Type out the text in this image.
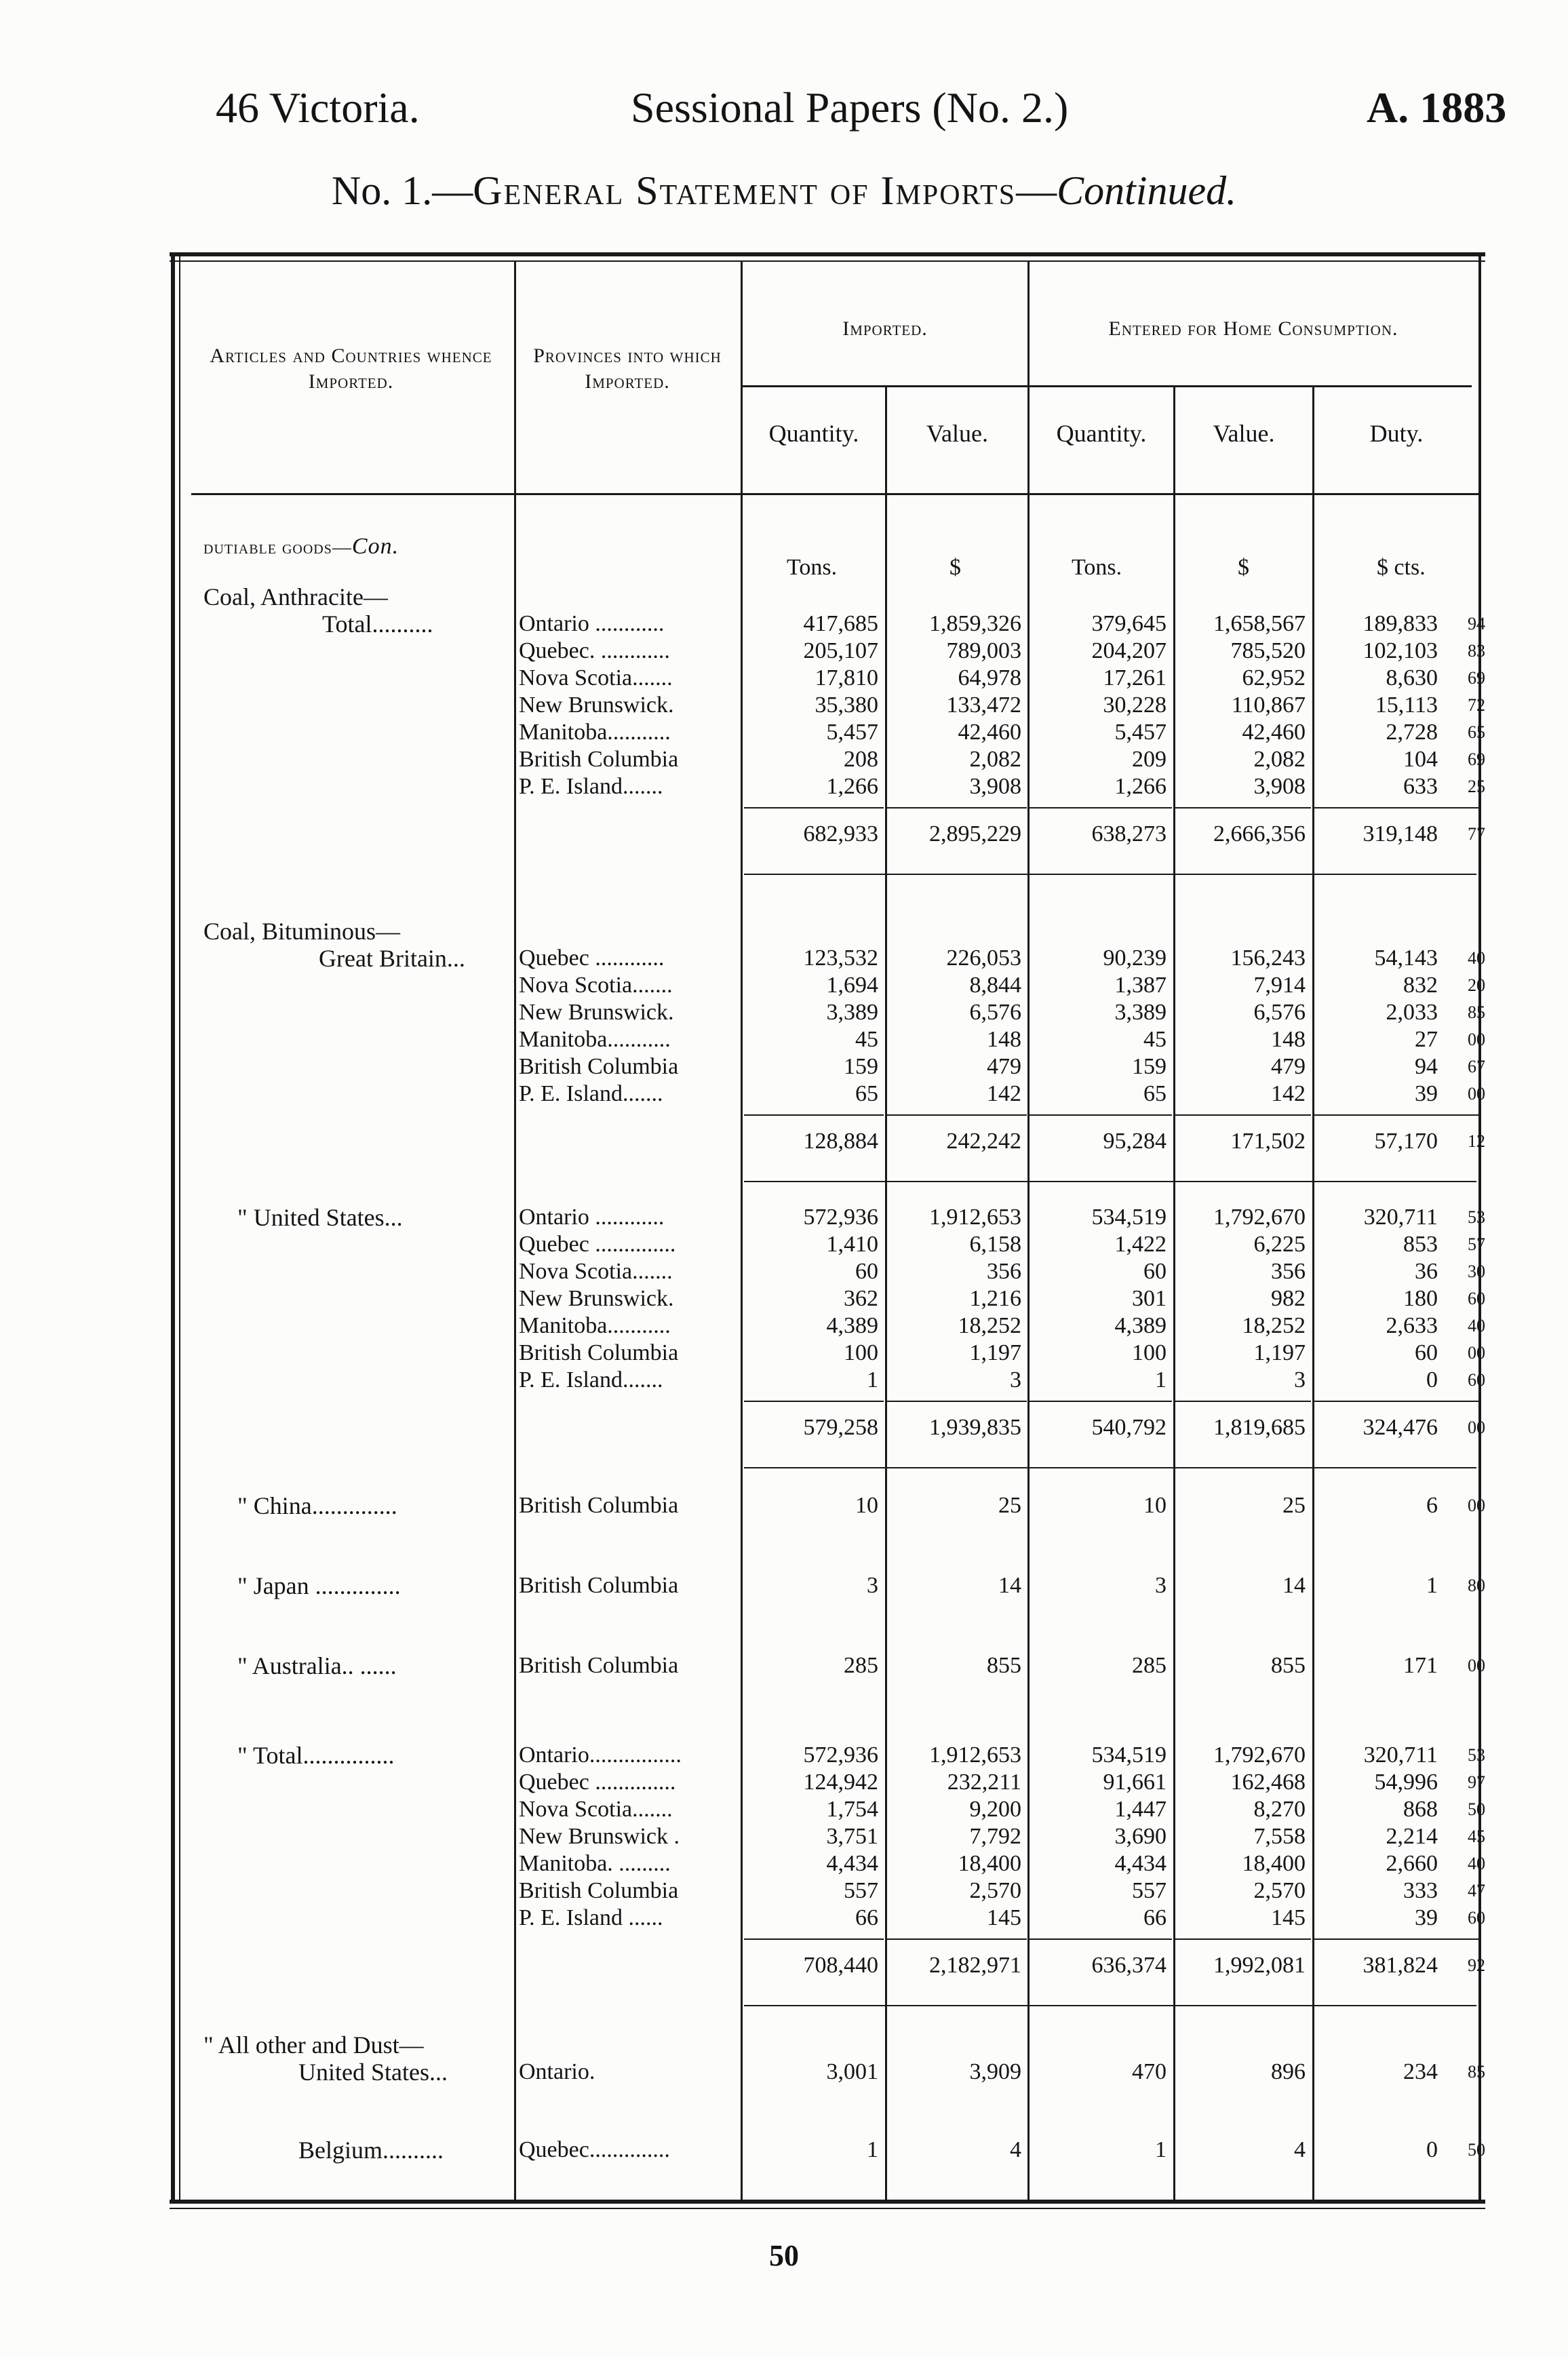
46 Victoria.	Sessional Papers (No. 2.)	A. 1883
No. 1.—General Statement of Imports—Continued.
Articles and Countries whence Imported.
Provinces into which Imported.
Imported.	Entered for Home Consumption.
Quantity.	Value.	Quantity.	Value.	Duty.
dutiable goods—Con.
Tons.	$	Tons.	$	$ cts.
Coal, Anthracite—
Total..........	Ontario ............	417,685	1,859,326	379,645	1,658,567	189,833	94
Quebec. ............	205,107	789,003	204,207	785,520	102,103	83
Nova Scotia.......	17,810	64,978	17,261	62,952	8,630	69
New Brunswick.	35,380	133,472	30,228	110,867	15,113	72
Manitoba...........	5,457	42,460	5,457	42,460	2,728	65
British Columbia	208	2,082	209	2,082	104	69
P. E. Island.......	1,266	3,908	1,266	3,908	633	25
682,933	2,895,229	638,273	2,666,356	319,148	77
Coal, Bituminous—
Great Britain... Quebec ............	123,532	226,053	90,239	156,243	54,143	40
Nova Scotia.......	1,694	8,844	1,387	7,914	832	20
New Brunswick.	3,389	6,576	3,389	6,576	2,033	85
Manitoba...........	45	148	45	148	27	00
British Columbia	159	479	159	479	94	67
P. E. Island.......	65	142	65	142	39	00
128,884	242,242	95,284	171,502	57,170	12
" United States...	Ontario ............	572,936	1,912,653	534,519	1,792,670	320,711	53
Quebec ..............	1,410	6,158	1,422	6,225	853	57
Nova Scotia.......	60	356	60	356	36	30
New Brunswick.	362	1,216	301	982	180	60
Manitoba...........	4,389	18,252	4,389	18,252	2,633	40
British Columbia	100	1,197	100	1,197	60	00
P. E. Island.......	1	3	1	3	0	60
579,258	1,939,835	540,792	1,819,685	324,476	00
" China..............	British Columbia	10	25	10	25	6	00
" Japan ..............	British Columbia	3	14	3	14	1	80
" Australia.. ......	British Columbia	285	855	285	855	171	00
" Total...............	Ontario................	572,936	1,912,653	534,519	1,792,670	320,711	53
Quebec ..............	124,942	232,211	91,661	162,468	54,996	97
Nova Scotia.......	1,754	9,200	1,447	8,270	868	50
New Brunswick .	3,751	7,792	3,690	7,558	2,214	45
Manitoba. .........	4,434	18,400	4,434	18,400	2,660	40
British Columbia	557	2,570	557	2,570	333	47
P. E. Island ......	66	145	66	145	39	60
708,440	2,182,971	636,374	1,992,081	381,824	92
" All other and Dust—
United States...	Ontario.	3,001	3,909	470	896	234	85
Belgium..........	Quebec..............	1	4	1	4	0	50
50
